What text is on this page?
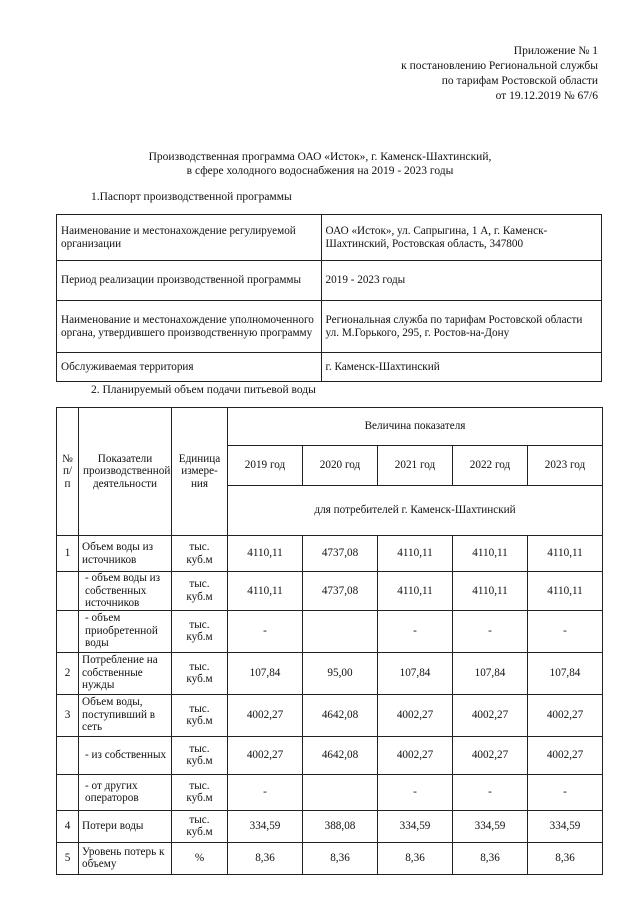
Приложение № 1
к постановлению Региональной службы
по тарифам Ростовской области
от 19.12.2019 № 67/6
Производственная программа ОАО «Исток», г. Каменск-Шахтинский,
в сфере холодного водоснабжения на 2019 - 2023 годы
1.Паспорт производственной программы
Наименование и местонахождение регулируемой организации	ОАО «Исток», ул. Сапрыгина, 1 А, г. Каменск-Шахтинский, Ростовская область, 347800
Период реализации производственной программы	2019 - 2023 годы
Наименование и местонахождение уполномоченного органа, утвердившего производственную программу	Региональная служба по тарифам Ростовской области ул. М.Горького, 295, г. Ростов-на-Дону
Обслуживаемая территория	г. Каменск-Шахтинский
2. Планируемый объем подачи питьевой воды
№ п/п	Показатели производственной деятельности	Единица измере-ния	Величина показателя				
			2019 год	2020 год	2021 год	2022 год	2023 год
			для потребителей г. Каменск-Шахтинский				
1	Объем воды из источников	тыс. куб.м	4110,11	4737,08	4110,11	4110,11	4110,11
	- объем воды из собственных источников	тыс. куб.м	4110,11	4737,08	4110,11	4110,11	4110,11
	- объем приобретенной воды	тыс. куб.м	-		-	-	-
2	Потребление на собственные нужды	тыс. куб.м	107,84	95,00	107,84	107,84	107,84
3	Объем воды, поступивший в сеть	тыс. куб.м	4002,27	4642,08	4002,27	4002,27	4002,27
	- из собственных	тыс. куб.м	4002,27	4642,08	4002,27	4002,27	4002,27
	- от других операторов	тыс. куб.м	-		-	-	-
4	Потери воды	тыс. куб.м	334,59	388,08	334,59	334,59	334,59
5	Уровень потерь к объему	%	8,36	8,36	8,36	8,36	8,36
